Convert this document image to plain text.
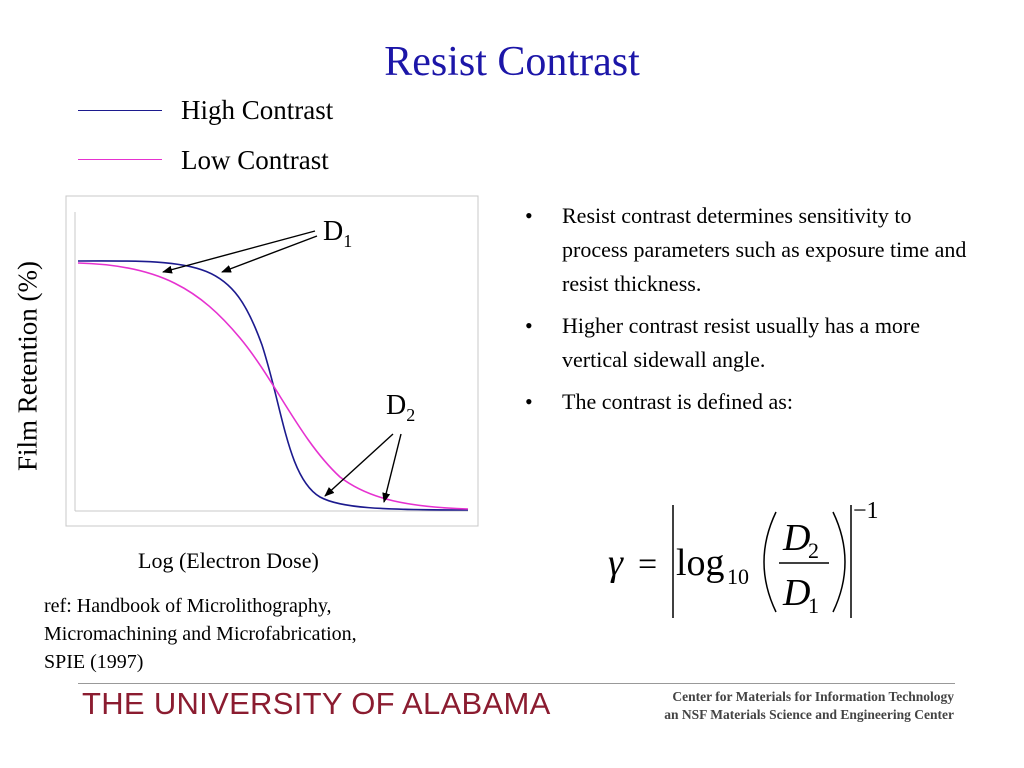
Resist Contrast
High Contrast
Low Contrast
$D_1$
$D_2$
Film Retention (%)
Log (Electron Dose)
ref: Handbook of Microlithography,
Micromachining and Microfabrication,
SPIE (1997)
• Resist contrast determines sensitivity to process parameters such as exposure time and resist thickness.
• Higher contrast resist usually has a more vertical sidewall angle.
• The contrast is defined as:
γ = log 10
D
2
D
1
−1
THE UNIVERSITY OF ALABAMA	Center for Materials for Information Technology
an NSF Materials Science and Engineering Center
